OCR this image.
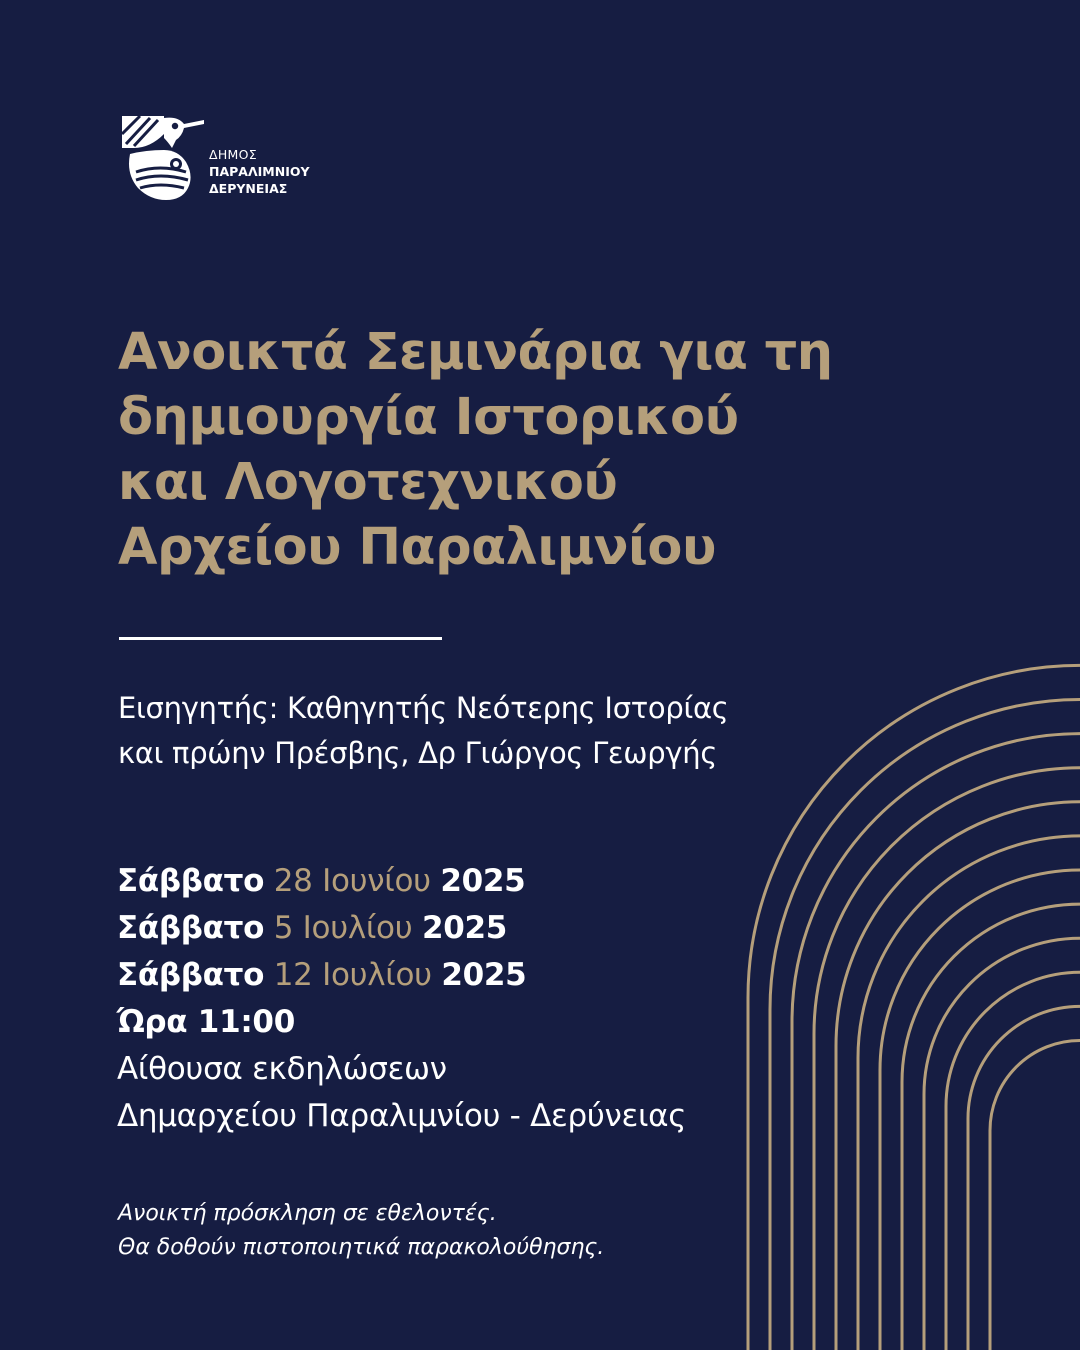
ΔΗΜΟΣ
ΠΑΡΑΛΙΜΝΙΟΥ
ΔΕΡΥΝΕΙΑΣ
Ανοικτά Σεμινάρια για τη
δημιουργία Ιστορικού
και Λογοτεχνικού
Αρχείου Παραλιμνίου
Εισηγητής: Καθηγητής Νεότερης Ιστορίας
και πρώην Πρέσβης, Δρ Γιώργος Γεωργής
Σάββατο 28 Ιουνίου 2025
Σάββατο 5 Ιουλίου 2025
Σάββατο 12 Ιουλίου 2025
Ώρα 11:00
Αίθουσα εκδηλώσεων
Δημαρχείου Παραλιμνίου - Δερύνειας
Ανοικτή πρόσκληση σε εθελοντές.
Θα δοθούν πιστοποιητικά παρακολούθησης.
